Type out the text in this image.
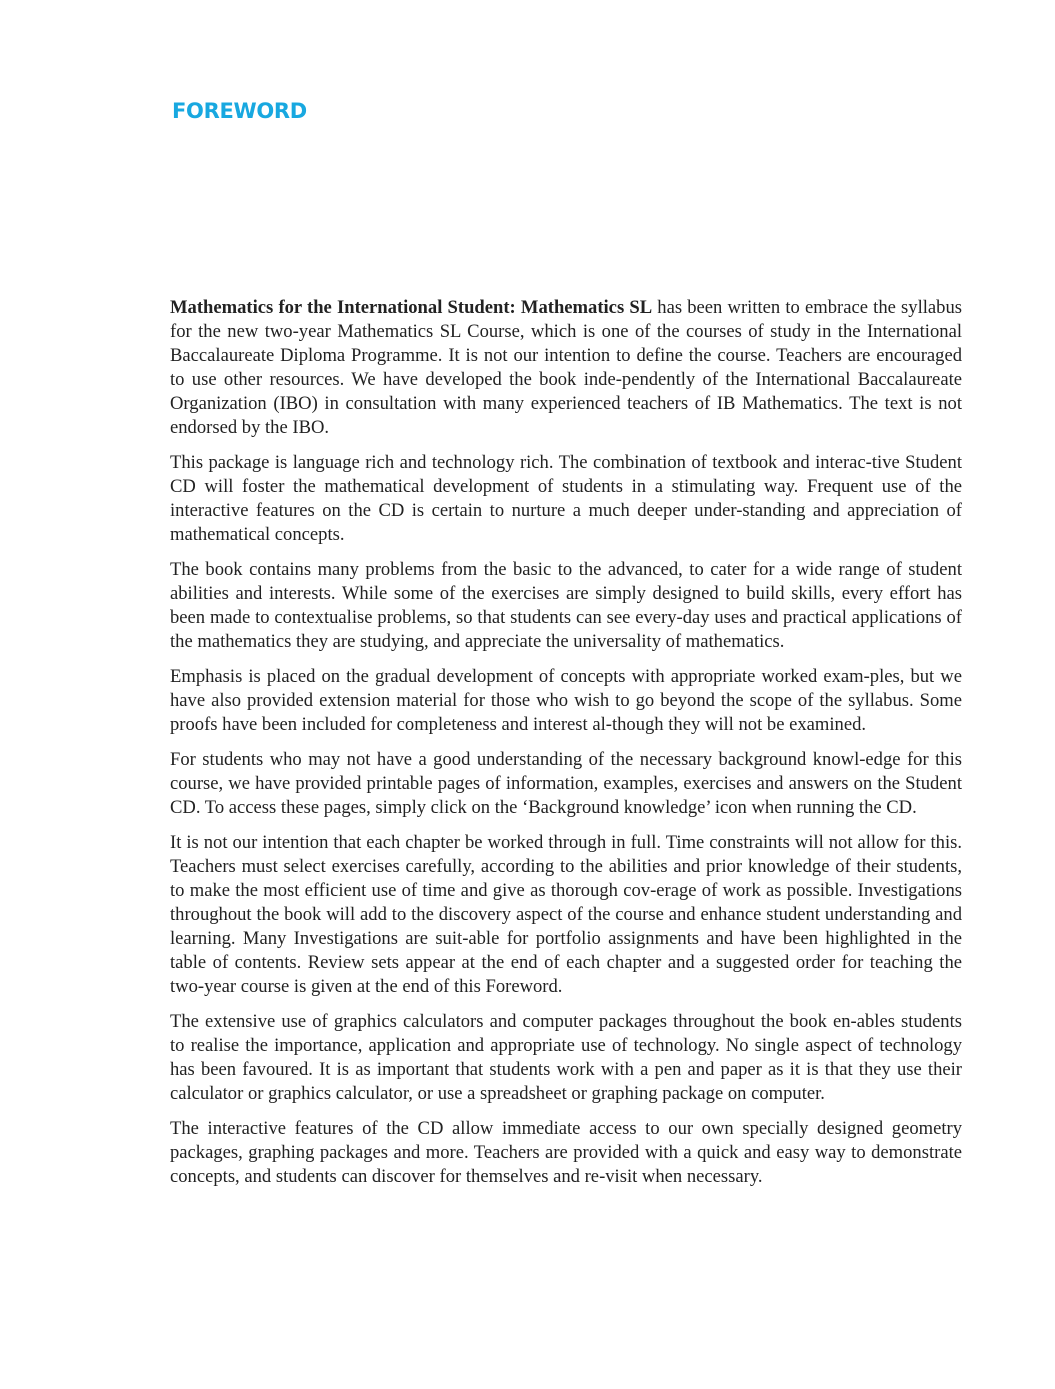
FOREWORD

Mathematics for the International Student: Mathematics SL has been written to embrace the syllabus for the new two-year Mathematics SL Course, which is one of the courses of study in the International Baccalaureate Diploma Programme. It is not our intention to define the course. Teachers are encouraged to use other resources. We have developed the book inde-pendently of the International Baccalaureate Organization (IBO) in consultation with many experienced teachers of IB Mathematics. The text is not endorsed by the IBO.

This package is language rich and technology rich. The combination of textbook and interac-tive Student CD will foster the mathematical development of students in a stimulating way. Frequent use of the interactive features on the CD is certain to nurture a much deeper under-standing and appreciation of mathematical concepts.

The book contains many problems from the basic to the advanced, to cater for a wide range of student abilities and interests. While some of the exercises are simply designed to build skills, every effort has been made to contextualise problems, so that students can see every-day uses and practical applications of the mathematics they are studying, and appreciate the universality of mathematics.

Emphasis is placed on the gradual development of concepts with appropriate worked exam-ples, but we have also provided extension material for those who wish to go beyond the scope of the syllabus. Some proofs have been included for completeness and interest al-though they will not be examined.

For students who may not have a good understanding of the necessary background knowl-edge for this course, we have provided printable pages of information, examples, exercises and answers on the Student CD. To access these pages, simply click on the ‘Background knowledge’ icon when running the CD.

It is not our intention that each chapter be worked through in full. Time constraints will not allow for this. Teachers must select exercises carefully, according to the abilities and prior knowledge of their students, to make the most efficient use of time and give as thorough cov-erage of work as possible. Investigations throughout the book will add to the discovery aspect of the course and enhance student understanding and learning. Many Investigations are suit-able for portfolio assignments and have been highlighted in the table of contents. Review sets appear at the end of each chapter and a suggested order for teaching the two-year course is given at the end of this Foreword.

The extensive use of graphics calculators and computer packages throughout the book en-ables students to realise the importance, application and appropriate use of technology. No single aspect of technology has been favoured. It is as important that students work with a pen and paper as it is that they use their calculator or graphics calculator, or use a spreadsheet or graphing package on computer.

The interactive features of the CD allow immediate access to our own specially designed geometry packages, graphing packages and more. Teachers are provided with a quick and easy way to demonstrate concepts, and students can discover for themselves and re-visit when necessary.
